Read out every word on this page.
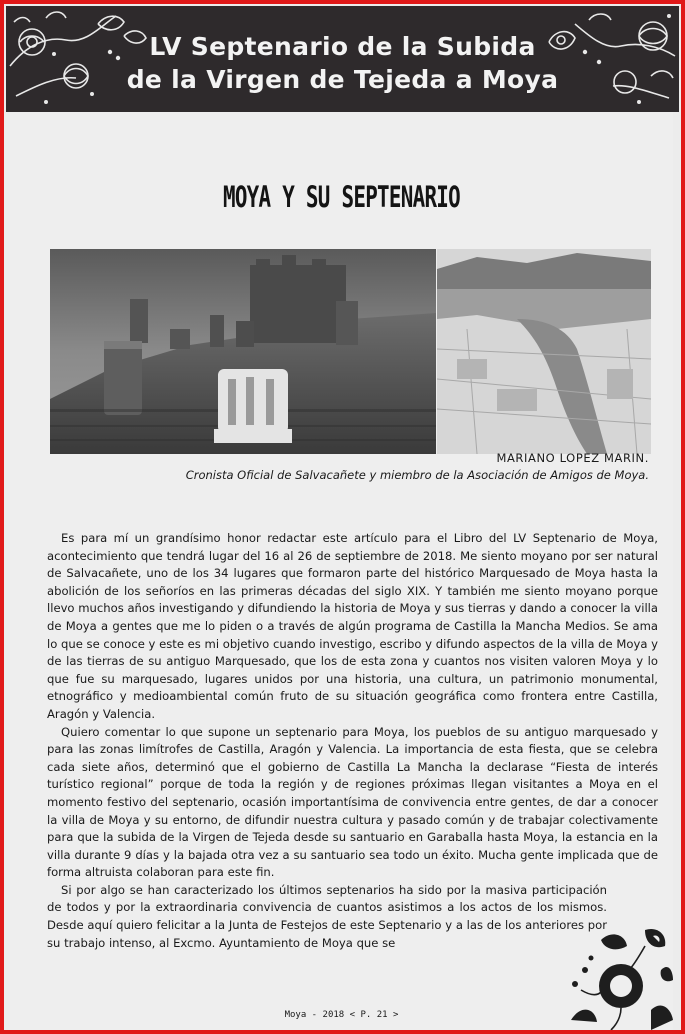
LV Septenario de la Subida
de la Virgen de Tejeda a Moya
MOYA Y SU SEPTENARIO
MARIANO LOPEZ MARIN.
Cronista Oficial de Salvacañete y miembro de la Asociación de Amigos de Moya.

Es para mí un grandísimo honor redactar este artículo para el Libro del LV Septenario de Moya, acontecimiento que tendrá lugar del 16 al 26 de septiembre de 2018. Me siento moyano por ser natural de Salvacañete, uno de los 34 lugares que formaron parte del histórico Marquesado de Moya hasta la abolición de los señoríos en las primeras décadas del siglo XIX. Y también me siento moyano porque llevo muchos años investigando y difundiendo la historia de Moya y sus tierras y dando a conocer la villa de Moya a gentes que me lo piden o a través de algún programa de Castilla la Mancha Medios. Se ama lo que se conoce y este es mi objetivo cuando investigo, escribo y difundo aspectos de la villa de Moya y de las tierras de su antiguo Marquesado, que los de esta zona y cuantos nos visiten valoren Moya y lo que fue su marquesado, lugares unidos por una historia, una cultura, un patrimonio monumental, etnográfico y medioambiental común fruto de su situación geográfica como frontera entre Castilla, Aragón y Valencia.

Quiero comentar lo que supone un septenario para Moya, los pueblos de su antiguo marquesado y para las zonas limítrofes de Castilla, Aragón y Valencia. La importancia de esta fiesta, que se celebra cada siete años, determinó que el gobierno de Castilla La Mancha la declarase “Fiesta de interés turístico regional” porque de toda la región y de regiones próximas llegan visitantes a Moya en el momento festivo del septenario, ocasión importantísima de convivencia entre gentes, de dar a conocer la villa de Moya y su entorno, de difundir nuestra cultura y pasado común y de trabajar colectivamente para que la subida de la Virgen de Tejeda desde su santuario en Garaballa hasta Moya, la estancia en la villa durante 9 días y la bajada otra vez a su santuario sea todo un éxito. Mucha gente implicada que de forma altruista colaboran para este fin.

Si por algo se han caracterizado los últimos septenarios ha sido por la masiva participación de todos y por la extraordinaria convivencia de cuantos asistimos a los actos de los mismos. Desde aquí quiero felicitar a la Junta de Festejos de este Septenario y a las de los anteriores por su trabajo intenso, al Excmo. Ayuntamiento de Moya que se

Moya - 2018 < P. 21 >
